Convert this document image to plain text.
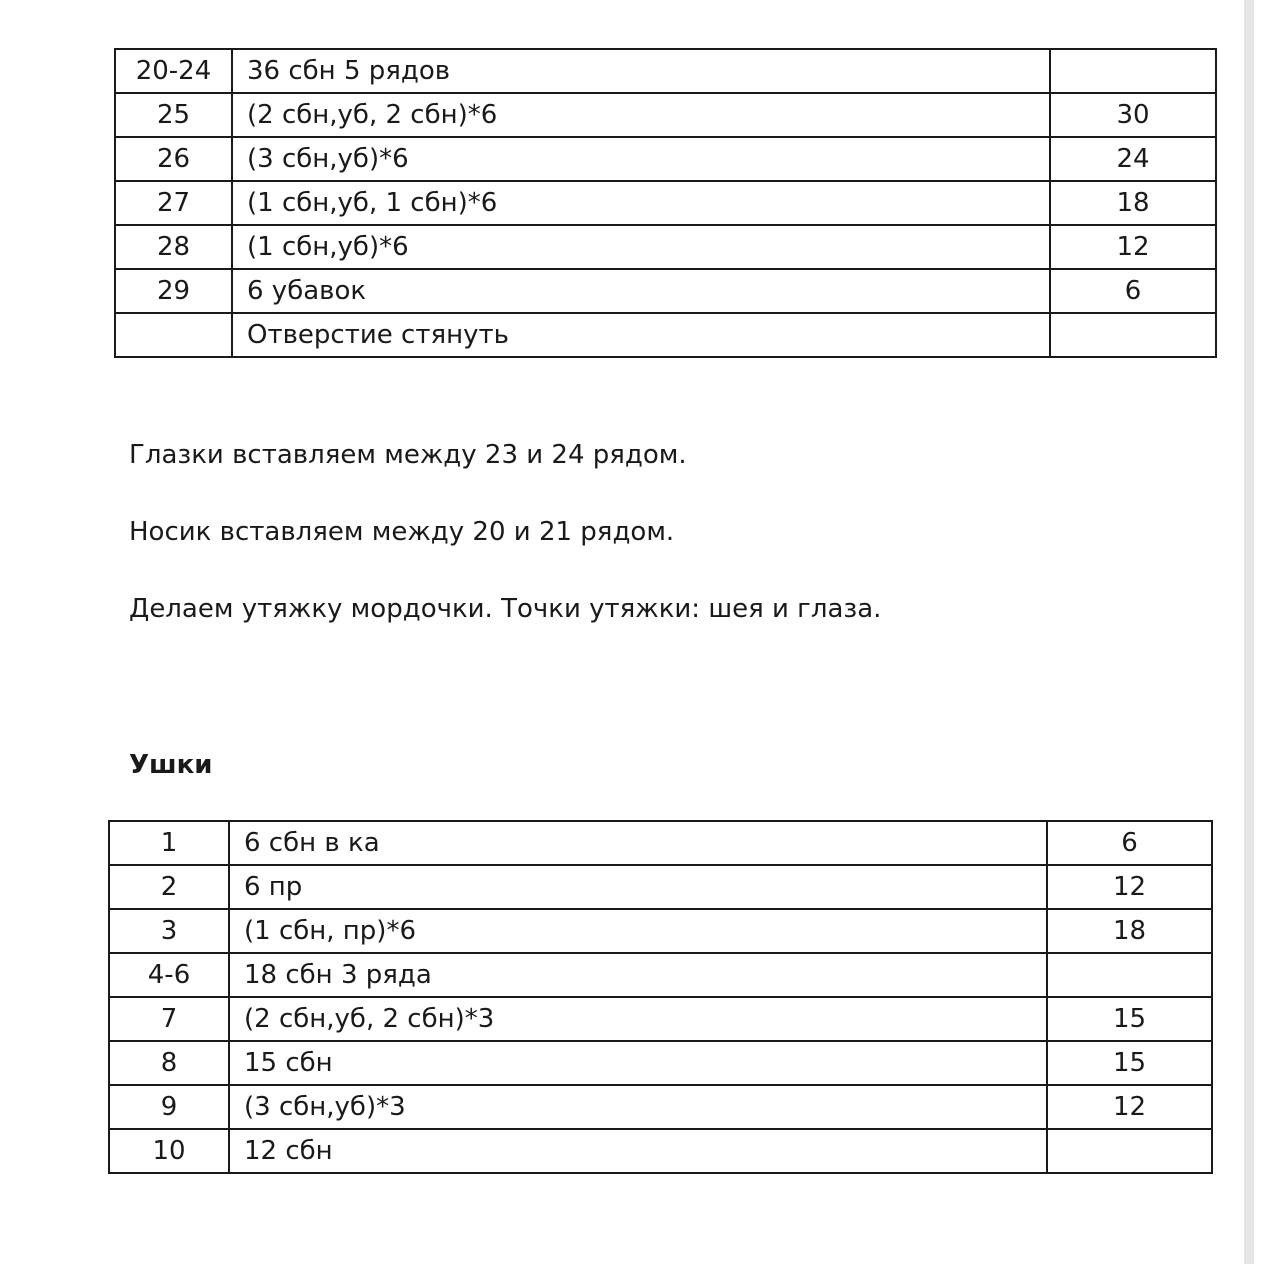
20-24	36 сбн 5 рядов	
25	(2 сбн,уб, 2 сбн)*6	30
26	(3 сбн,уб)*6	24
27	(1 сбн,уб, 1 сбн)*6	18
28	(1 сбн,уб)*6	12
29	6 убавок	6
	Отверстие стянуть	
Глазки вставляем между 23 и 24 рядом.
Носик вставляем между 20 и 21 рядом.
Делаем утяжку мордочки. Точки утяжки: шея и глаза.
Ушки
1	6 сбн в ка	6
2	6 пр	12
3	(1 сбн, пр)*6	18
4-6	18 сбн 3 ряда	
7	(2 сбн,уб, 2 сбн)*3	15
8	15 сбн	15
9	(3 сбн,уб)*3	12
10	12 сбн	
